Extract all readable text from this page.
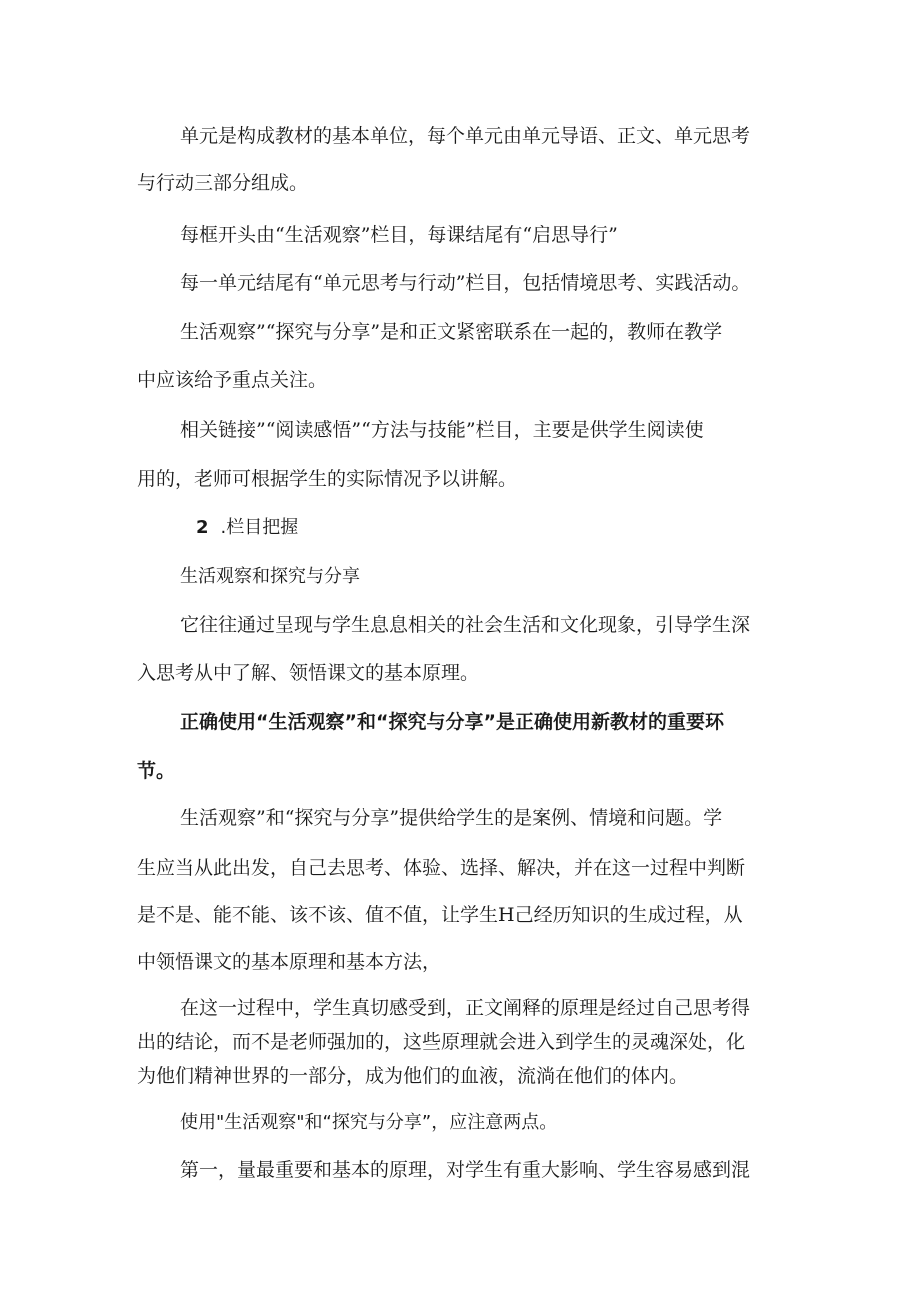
单元是构成教材的基本单位，每个单元由单元导语、正文、单元思考
与行动三部分组成。
每框开头由“生活观察”栏目，每课结尾有“启思导行”
每一单元结尾有“单元思考与行动”栏目，包括情境思考、实践活动。
生活观察”“探究与分享”是和正文紧密联系在一起的，教师在教学
中应该给予重点关注。
相关链接”“阅读感悟”“方法与技能”栏目，主要是供学生阅读使
用的，老师可根据学生的实际情况予以讲解。
2 .栏目把握
生活观察和探究与分享
它往往通过呈现与学生息息相关的社会生活和文化现象，引导学生深
入思考从中了解、领悟课文的基本原理。
正确使用“生活观察”和“探究与分享”是正确使用新教材的重要环
节。
生活观察”和“探究与分享”提供给学生的是案例、情境和问题。学
生应当从此出发，自己去思考、体验、选择、解决，并在这一过程中判断
是不是、能不能、该不该、值不值，让学生H己经历知识的生成过程，从
中领悟课文的基本原理和基本方法，
在这一过程中，学生真切感受到，正文阐释的原理是经过自己思考得
出的结论，而不是老师强加的，这些原理就会进入到学生的灵魂深处，化
为他们精神世界的一部分，成为他们的血液，流淌在他们的体内。
使用"生活观察"和“探究与分享”，应注意两点。
第一，量最重要和基本的原理，对学生有重大影响、学生容易感到混
